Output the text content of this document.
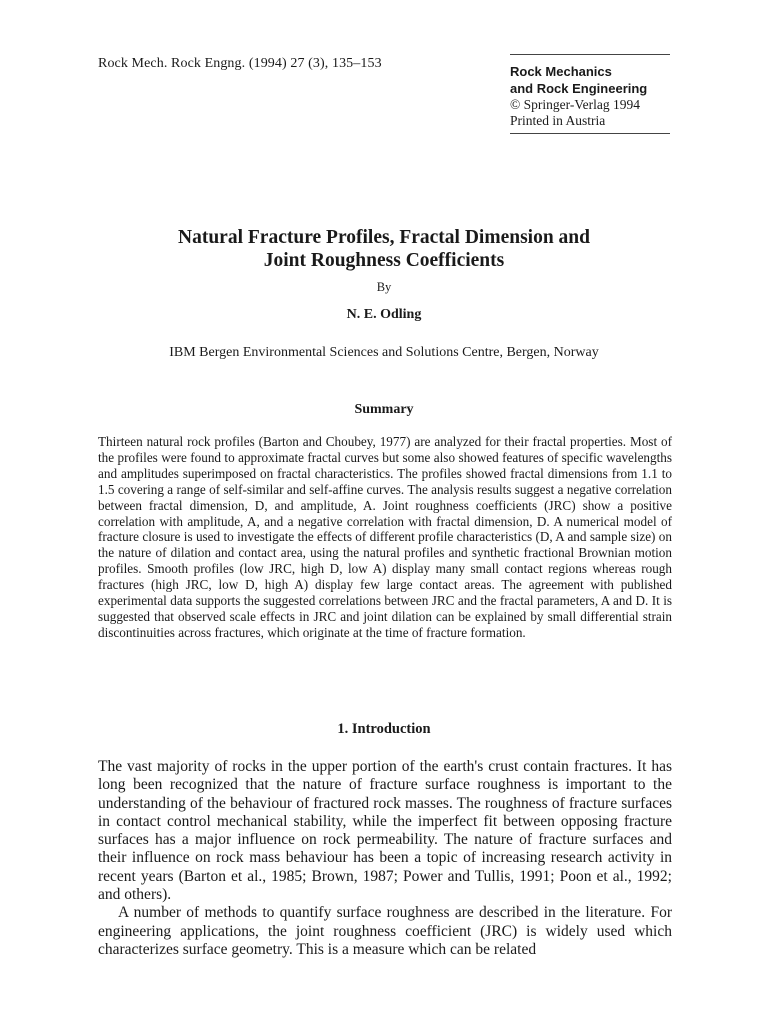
Rock Mech. Rock Engng. (1994) 27 (3), 135–153
Rock Mechanics
and Rock Engineering
© Springer-Verlag 1994
Printed in Austria
Natural Fracture Profiles, Fractal Dimension and
Joint Roughness Coefficients
By
N. E. Odling
IBM Bergen Environmental Sciences and Solutions Centre, Bergen, Norway
Summary
Thirteen natural rock profiles (Barton and Choubey, 1977) are analyzed for their fractal properties. Most of the profiles were found to approximate fractal curves but some also showed features of specific wavelengths and amplitudes superimposed on fractal characteristics. The profiles showed fractal dimensions from 1.1 to 1.5 covering a range of self-similar and self-affine curves. The analysis results suggest a negative correlation between fractal dimension, D, and amplitude, A. Joint roughness coefficients (JRC) show a positive correlation with amplitude, A, and a negative correlation with fractal dimension, D. A numerical model of fracture closure is used to investigate the effects of different profile characteristics (D, A and sample size) on the nature of dilation and contact area, using the natural profiles and synthetic fractional Brownian motion profiles. Smooth profiles (low JRC, high D, low A) display many small contact regions whereas rough fractures (high JRC, low D, high A) display few large contact areas. The agreement with published experimental data supports the suggested correlations between JRC and the fractal parameters, A and D. It is suggested that observed scale effects in JRC and joint dilation can be explained by small differential strain discontinuities across fractures, which originate at the time of fracture formation.
1. Introduction

The vast majority of rocks in the upper portion of the earth's crust contain fractures. It has long been recognized that the nature of fracture surface roughness is important to the understanding of the behaviour of fractured rock masses. The roughness of fracture surfaces in contact control mechanical stability, while the imperfect fit between opposing fracture surfaces has a major influence on rock permeability. The nature of fracture surfaces and their influence on rock mass behaviour has been a topic of increasing research activity in recent years (Barton et al., 1985; Brown, 1987; Power and Tullis, 1991; Poon et al., 1992; and others).

A number of methods to quantify surface roughness are described in the literature. For engineering applications, the joint roughness coefficient (JRC) is widely used which characterizes surface geometry. This is a measure which can be related
